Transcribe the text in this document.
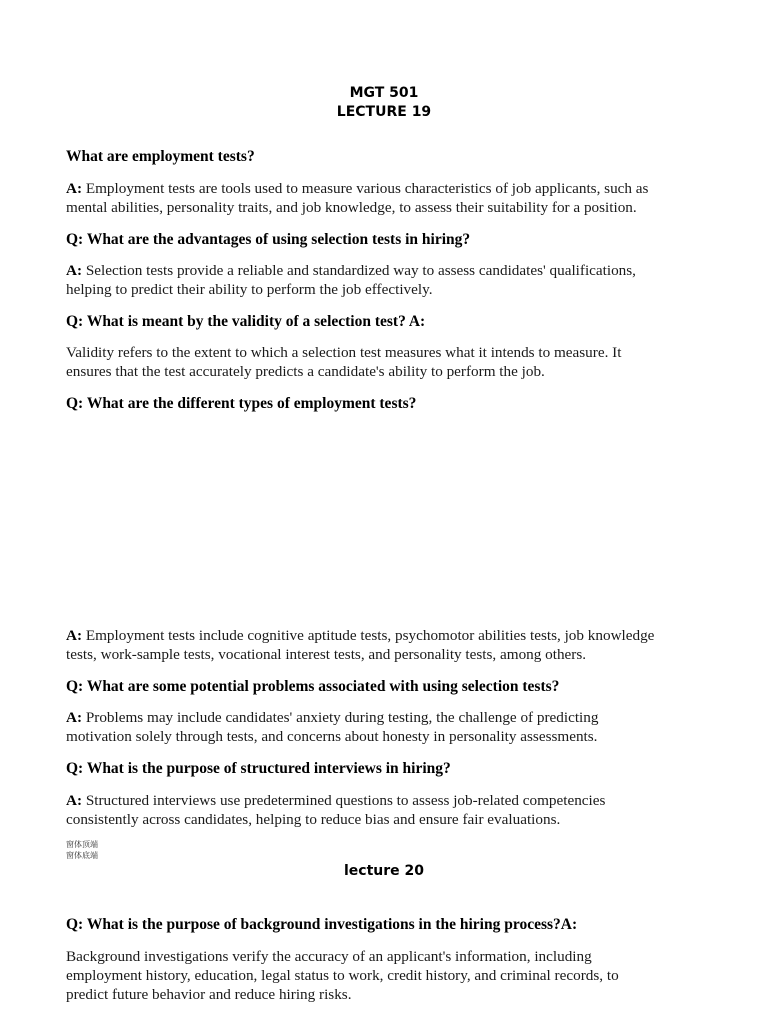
MGT 501
LECTURE 19
What are employment tests?
A: Employment tests are tools used to measure various characteristics of job applicants, such as
mental abilities, personality traits, and job knowledge, to assess their suitability for a position.
Q: What are the advantages of using selection tests in hiring?
A: Selection tests provide a reliable and standardized way to assess candidates' qualifications,
helping to predict their ability to perform the job effectively.
Q: What is meant by the validity of a selection test? A:
Validity refers to the extent to which a selection test measures what it intends to measure. It
ensures that the test accurately predicts a candidate's ability to perform the job.
Q: What are the different types of employment tests?
A: Employment tests include cognitive aptitude tests, psychomotor abilities tests, job knowledge
tests, work-sample tests, vocational interest tests, and personality tests, among others.
Q: What are some potential problems associated with using selection tests?
A: Problems may include candidates' anxiety during testing, the challenge of predicting
motivation solely through tests, and concerns about honesty in personality assessments.
Q: What is the purpose of structured interviews in hiring?
A: Structured interviews use predetermined questions to assess job-related competencies
consistently across candidates, helping to reduce bias and ensure fair evaluations.
窗体顶端
窗体底端
lecture 20
Q: What is the purpose of background investigations in the hiring process?A:
Background investigations verify the accuracy of an applicant's information, including
employment history, education, legal status to work, credit history, and criminal records, to
predict future behavior and reduce hiring risks.
